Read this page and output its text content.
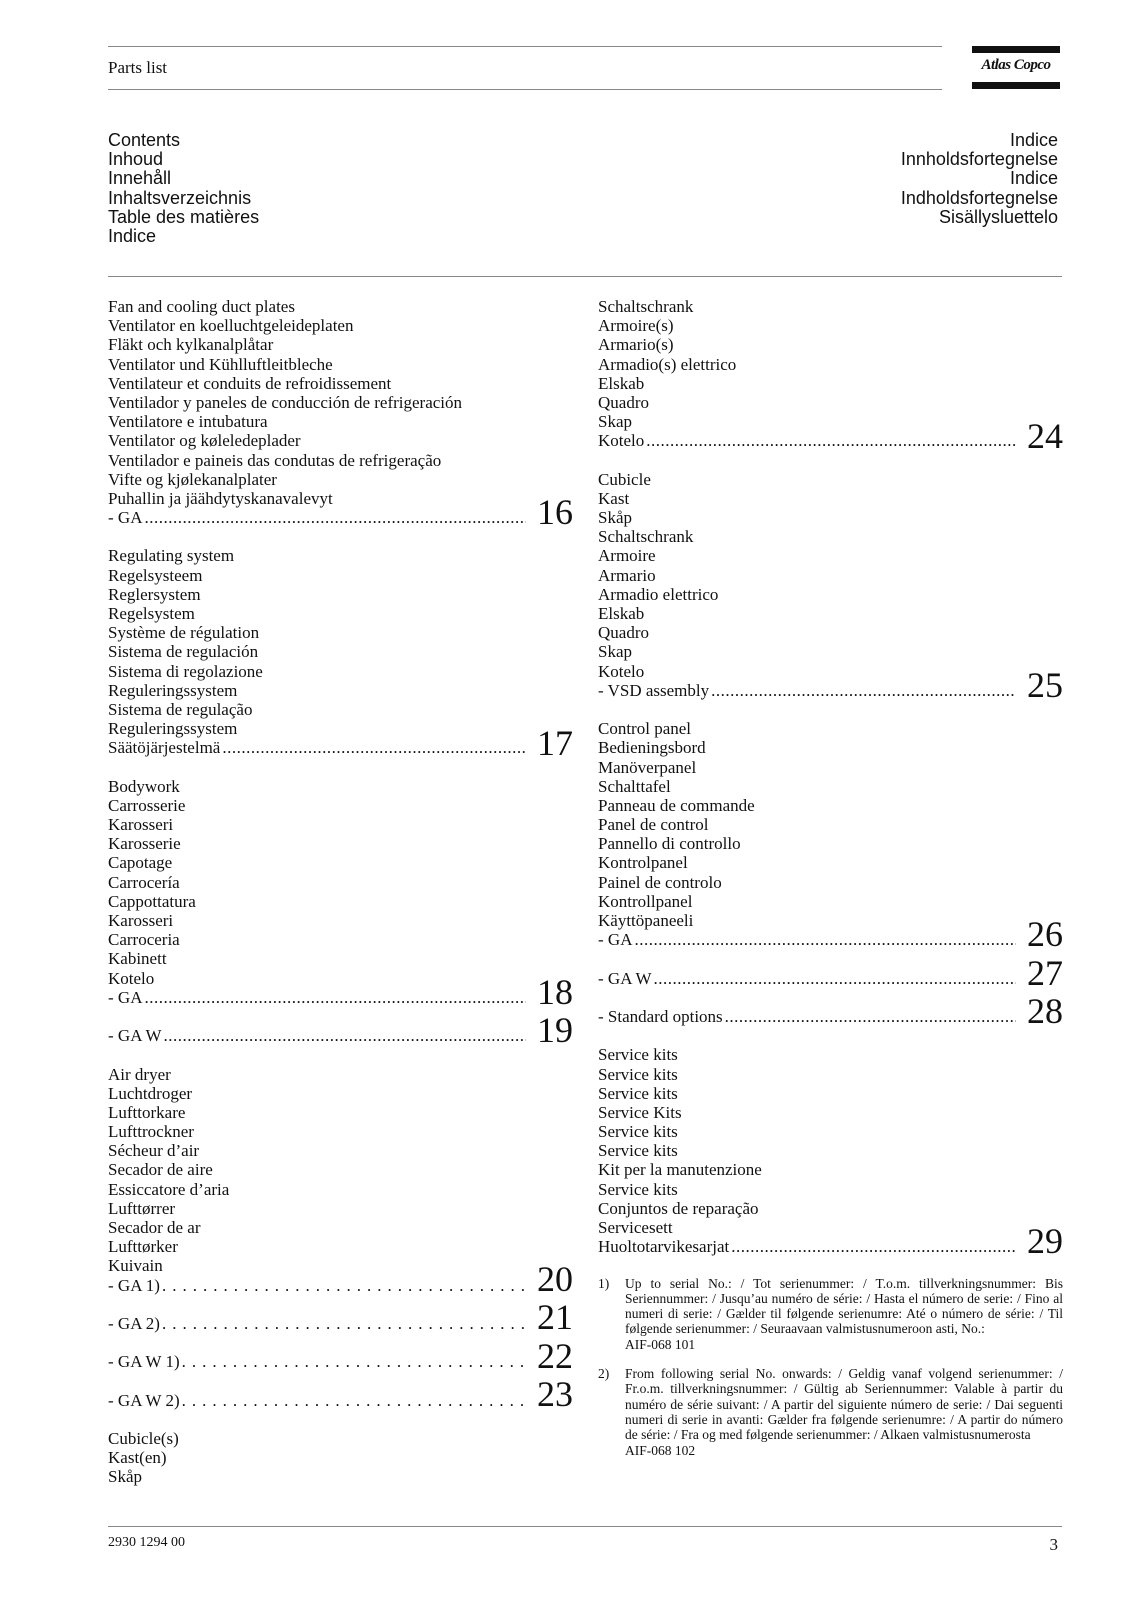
Parts list	Atlas Copco
Contents
Inhoud
Innehåll
Inhaltsverzeichnis
Table des matières
Indice
Indice
Innholdsfortegnelse
Indice
Indholdsfortegnelse
Sisällysluettelo
Fan and cooling duct plates
Ventilator en koelluchtgeleideplaten
Fläkt och kylkanalplåtar
Ventilator und Kühlluftleitbleche
Ventilateur et conduits de refroidissement
Ventilador y paneles de conducción de refrigeración
Ventilatore e intubatura
Ventilator og køleledeplader
Ventilador e paineis das condutas de refrigeração
Vifte og kjølekanalplater
Puhallin ja jäähdytyskanavalevyt
- GA .....	16
Regulating system
Regelsysteem
Reglersystem
Regelsystem
Système de régulation
Sistema de regulación
Sistema di regolazione
Reguleringssystem
Sistema de regulação
Reguleringssystem
Säätöjärjestelmä .....	17
Bodywork
Carrosserie
Karosseri
Karosserie
Capotage
Carrocería
Cappottatura
Karosseri
Carroceria
Kabinett
Kotelo
- GA .....	18
- GA W .....	19
Air dryer
Luchtdroger
Lufttorkare
Lufttrockner
Sécheur d’air
Secador de aire
Essiccatore d’aria
Lufttørrer
Secador de ar
Lufttørker
Kuivain
- GA 1) .....	20
- GA 2) .....	21
- GA W 1) .....	22
- GA W 2) .....	23
Cubicle(s)
Kast(en)
Skåp
Schaltschrank
Armoire(s)
Armario(s)
Armadio(s) elettrico
Elskab
Quadro
Skap
Kotelo .....	24
Cubicle
Kast
Skåp
Schaltschrank
Armoire
Armario
Armadio elettrico
Elskab
Quadro
Skap
Kotelo
- VSD assembly .....	25
Control panel
Bedieningsbord
Manöverpanel
Schalttafel
Panneau de commande
Panel de control
Pannello di controllo
Kontrolpanel
Painel de controlo
Kontrollpanel
Käyttöpaneeli
- GA .....	26
- GA W .....	27
- Standard options .....	28
Service kits
Service kits
Service kits
Service Kits
Service kits
Service kits
Kit per la manutenzione
Service kits
Conjuntos de reparação
Servicesett
Huoltotarvikesarjat .....	29
1) Up to serial No.: / Tot serienummer: / T.o.m. tillverkningsnummer: Bis Seriennummer: / Jusqu’au numéro de série: / Hasta el número de serie: / Fino al numeri di serie: / Gælder til følgende serienumre: Até o número de série: / Til følgende serienummer: / Seuraavaan valmistusnumeroon asti, No.:
AIF-068 101
2) From following serial No. onwards: / Geldig vanaf volgend serienummer: / Fr.o.m. tillverkningsnummer: / Gültig ab Seriennummer: Valable à partir du numéro de série suivant: / A partir del siguiente número de serie: / Dai seguenti numeri di serie in avanti: Gælder fra følgende serienumre: / A partir do número de série: / Fra og med følgende serienummer: / Alkaen valmistusnumerosta
AIF-068 102
2930 1294 00	3
